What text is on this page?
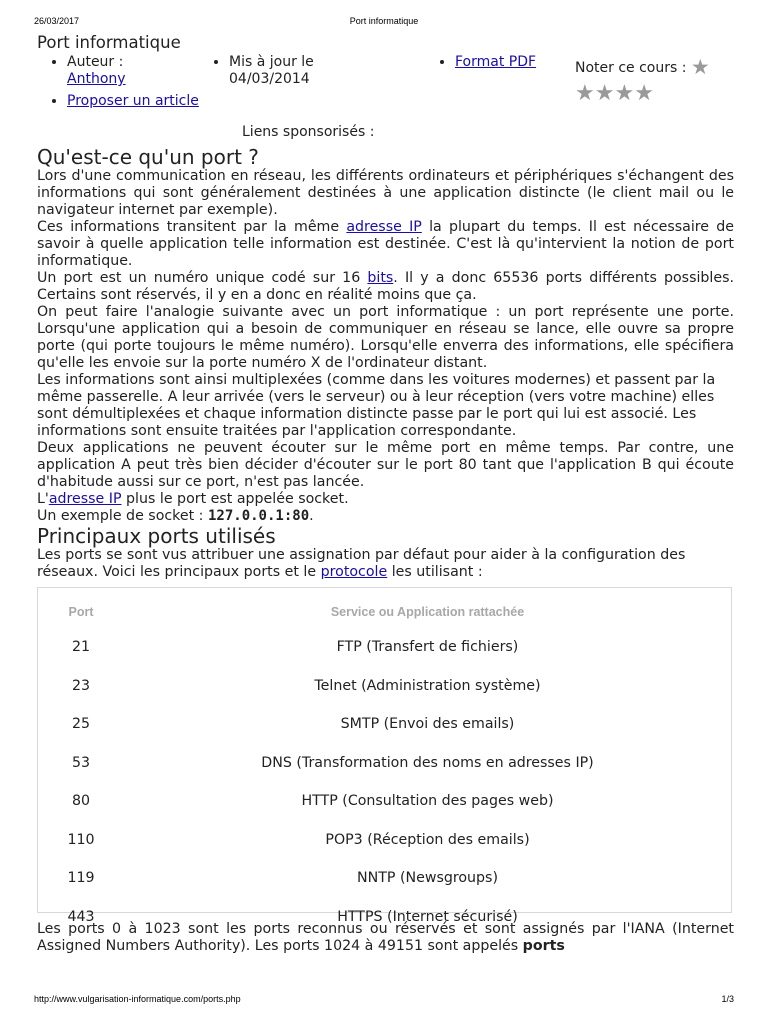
26/03/2017	Port informatique
Port informatique
• Auteur :
Anthony
• Proposer un article
• Mis à jour le
04/03/2014
• Format PDF	Noter ce cours : ★
★★★★
Liens sponsorisés :
Qu'est-ce qu'un port ?

Lors d'une communication en réseau, les différents ordinateurs et périphériques s'échangent des informations qui sont généralement destinées à une application distincte (le client mail ou le navigateur internet par exemple).

Ces informations transitent par la même adresse IP la plupart du temps. Il est nécessaire de savoir à quelle application telle information est destinée. C'est là qu'intervient la notion de port informatique.

Un port est un numéro unique codé sur 16 bits. Il y a donc 65536 ports différents possibles. Certains sont réservés, il y en a donc en réalité moins que ça.

On peut faire l'analogie suivante avec un port informatique : un port représente une porte. Lorsqu'une application qui a besoin de communiquer en réseau se lance, elle ouvre sa propre porte (qui porte toujours le même numéro). Lorsqu'elle enverra des informations, elle spécifiera qu'elle les envoie sur la porte numéro X de l'ordinateur distant.

Les informations sont ainsi multiplexées (comme dans les voitures modernes) et passent par la même passerelle. A leur arrivée (vers le serveur) ou à leur réception (vers votre machine) elles sont démultiplexées et chaque information distincte passe par le port qui lui est associé. Les informations sont ensuite traitées par l'application correspondante.

Deux applications ne peuvent écouter sur le même port en même temps. Par contre, une application A peut très bien décider d'écouter sur le port 80 tant que l'application B qui écoute d'habitude aussi sur ce port, n'est pas lancée.

L'adresse IP plus le port est appelée socket.

Un exemple de socket : 127.0.0.1:80.

Principaux ports utilisés

Les ports se sont vus attribuer une assignation par défaut pour aider à la configuration des réseaux. Voici les principaux ports et le protocole les utilisant :

Port	Service ou Application rattachée
21	FTP (Transfert de fichiers)
23	Telnet (Administration système)
25	SMTP (Envoi des emails)
53	DNS (Transformation des noms en adresses IP)
80	HTTP (Consultation des pages web)
110	POP3 (Réception des emails)
119	NNTP (Newsgroups)
443	HTTPS (Internet sécurisé)

Les ports 0 à 1023 sont les ports reconnus ou réservés et sont assignés par l'IANA (Internet Assigned Numbers Authority). Les ports 1024 à 49151 sont appelés ports

http://www.vulgarisation-informatique.com/ports.php	1/3
